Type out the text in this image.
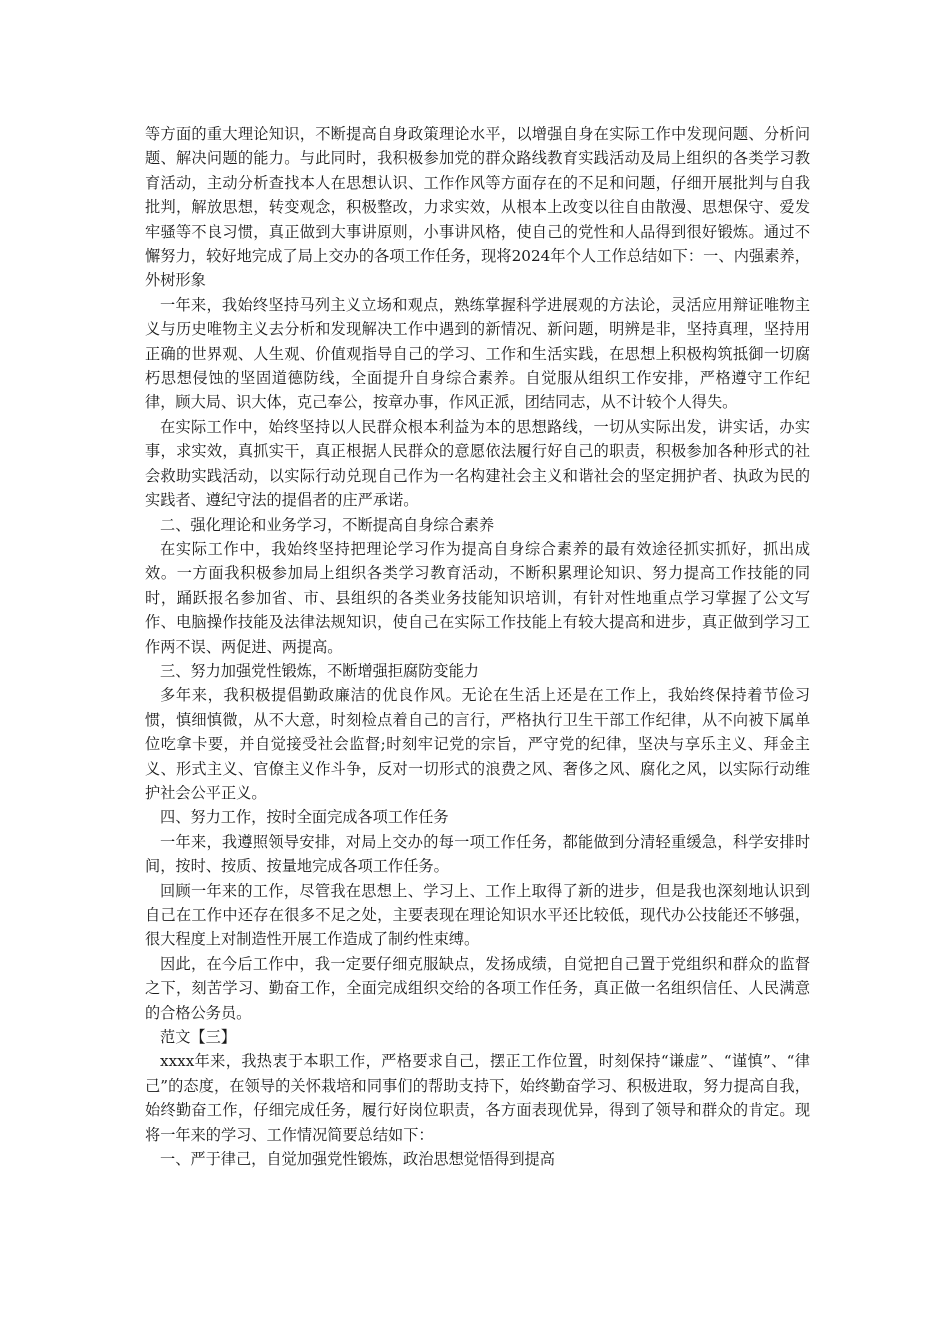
等方面的重大理论知识，不断提高自身政策理论水平，以增强自身在实际工作中发现问题、分析问题、解决问题的能力。与此同时，我积极参加党的群众路线教育实践活动及局上组织的各类学习教育活动，主动分析查找本人在思想认识、工作作风等方面存在的不足和问题，仔细开展批判与自我批判，解放思想，转变观念，积极整改，力求实效，从根本上改变以往自由散漫、思想保守、爱发牢骚等不良习惯，真正做到大事讲原则，小事讲风格，使自己的党性和人品得到很好锻炼。通过不懈努力，较好地完成了局上交办的各项工作任务，现将2024年个人工作总结如下：一、内强素养，外树形象

一年来，我始终坚持马列主义立场和观点，熟练掌握科学进展观的方法论，灵活应用辩证唯物主义与历史唯物主义去分析和发现解决工作中遇到的新情况、新问题，明辨是非，坚持真理，坚持用正确的世界观、人生观、价值观指导自己的学习、工作和生活实践，在思想上积极构筑抵御一切腐朽思想侵蚀的坚固道德防线，全面提升自身综合素养。自觉服从组织工作安排，严格遵守工作纪律，顾大局、识大体，克己奉公，按章办事，作风正派，团结同志，从不计较个人得失。

在实际工作中，始终坚持以人民群众根本利益为本的思想路线，一切从实际出发，讲实话，办实事，求实效，真抓实干，真正根据人民群众的意愿依法履行好自己的职责，积极参加各种形式的社会救助实践活动，以实际行动兑现自己作为一名构建社会主义和谐社会的坚定拥护者、执政为民的实践者、遵纪守法的提倡者的庄严承诺。

二、强化理论和业务学习，不断提高自身综合素养

在实际工作中，我始终坚持把理论学习作为提高自身综合素养的最有效途径抓实抓好，抓出成效。一方面我积极参加局上组织各类学习教育活动，不断积累理论知识、努力提高工作技能的同时，踊跃报名参加省、市、县组织的各类业务技能知识培训，有针对性地重点学习掌握了公文写作、电脑操作技能及法律法规知识，使自己在实际工作技能上有较大提高和进步，真正做到学习工作两不误、两促进、两提高。

三、努力加强党性锻炼，不断增强拒腐防变能力

多年来，我积极提倡勤政廉洁的优良作风。无论在生活上还是在工作上，我始终保持着节俭习惯，慎细慎微，从不大意，时刻检点着自己的言行，严格执行卫生干部工作纪律，从不向被下属单位吃拿卡要，并自觉接受社会监督;时刻牢记党的宗旨，严守党的纪律，坚决与享乐主义、拜金主义、形式主义、官僚主义作斗争，反对一切形式的浪费之风、奢侈之风、腐化之风，以实际行动维护社会公平正义。

四、努力工作，按时全面完成各项工作任务

一年来，我遵照领导安排，对局上交办的每一项工作任务，都能做到分清轻重缓急，科学安排时间，按时、按质、按量地完成各项工作任务。

回顾一年来的工作，尽管我在思想上、学习上、工作上取得了新的进步，但是我也深刻地认识到自己在工作中还存在很多不足之处，主要表现在理论知识水平还比较低，现代办公技能还不够强，很大程度上对制造性开展工作造成了制约性束缚。

因此，在今后工作中，我一定要仔细克服缺点，发扬成绩，自觉把自己置于党组织和群众的监督之下，刻苦学习、勤奋工作，全面完成组织交给的各项工作任务，真正做一名组织信任、人民满意的合格公务员。

范文【三】

xxxx年来，我热衷于本职工作，严格要求自己，摆正工作位置，时刻保持“谦虚”、“谨慎”、“律己”的态度，在领导的关怀栽培和同事们的帮助支持下，始终勤奋学习、积极进取，努力提高自我，始终勤奋工作，仔细完成任务，履行好岗位职责，各方面表现优异，得到了领导和群众的肯定。现将一年来的学习、工作情况简要总结如下：

一、严于律己，自觉加强党性锻炼，政治思想觉悟得到提高
